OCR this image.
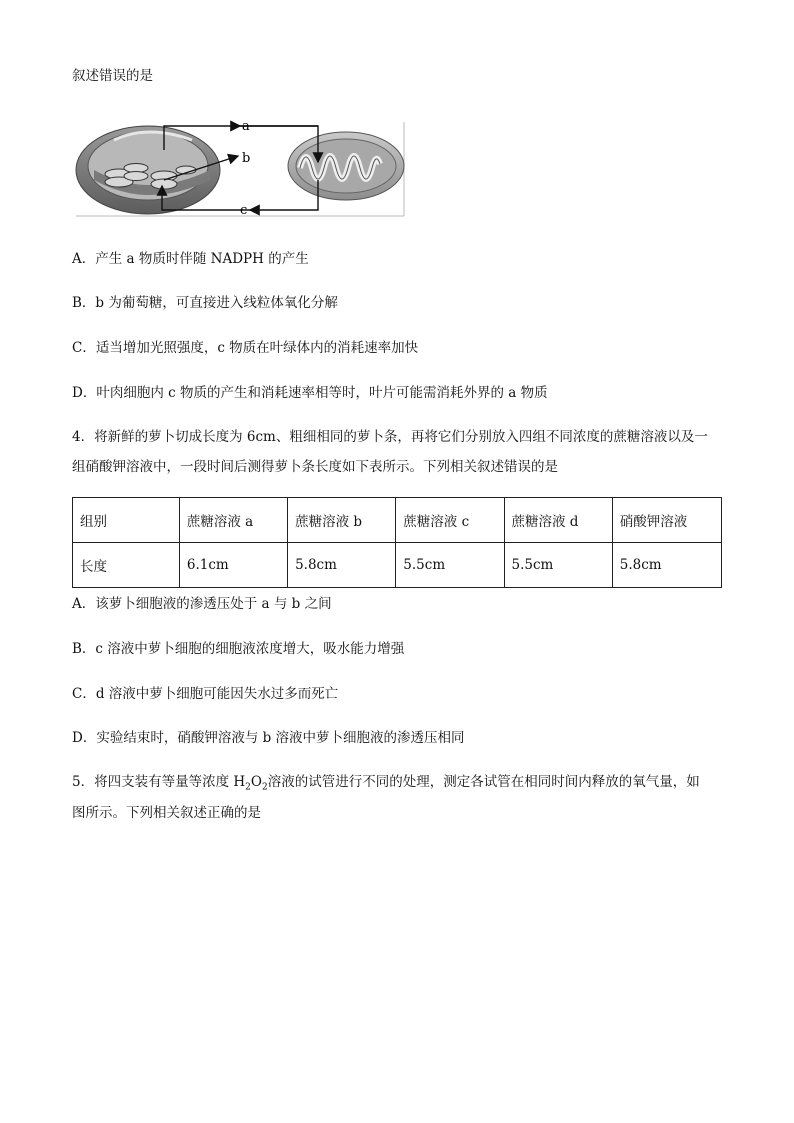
叙述错误的是
a
b
c
A．产生 a 物质时伴随 NADPH 的产生
B．b 为葡萄糖，可直接进入线粒体氧化分解
C．适当增加光照强度，c 物质在叶绿体内的消耗速率加快
D．叶肉细胞内 c 物质的产生和消耗速率相等时，叶片可能需消耗外界的 a 物质
4．将新鲜的萝卜切成长度为 6cm、粗细相同的萝卜条，再将它们分别放入四组不同浓度的蔗糖溶液以及一
组硝酸钾溶液中，一段时间后测得萝卜条长度如下表所示。下列相关叙述错误的是
组别	蔗糖溶液 a	蔗糖溶液 b	蔗糖溶液 c	蔗糖溶液 d	硝酸钾溶液
长度	6.1cm	5.8cm	5.5cm	5.5cm	5.8cm
A．该萝卜细胞液的渗透压处于 a 与 b 之间
B．c 溶液中萝卜细胞的细胞液浓度增大，吸水能力增强
C．d 溶液中萝卜细胞可能因失水过多而死亡
D．实验结束时，硝酸钾溶液与 b 溶液中萝卜细胞液的渗透压相同
5．将四支装有等量等浓度 $H_2O_2$溶液的试管进行不同的处理，测定各试管在相同时间内释放的氧气量，如
图所示。下列相关叙述正确的是
